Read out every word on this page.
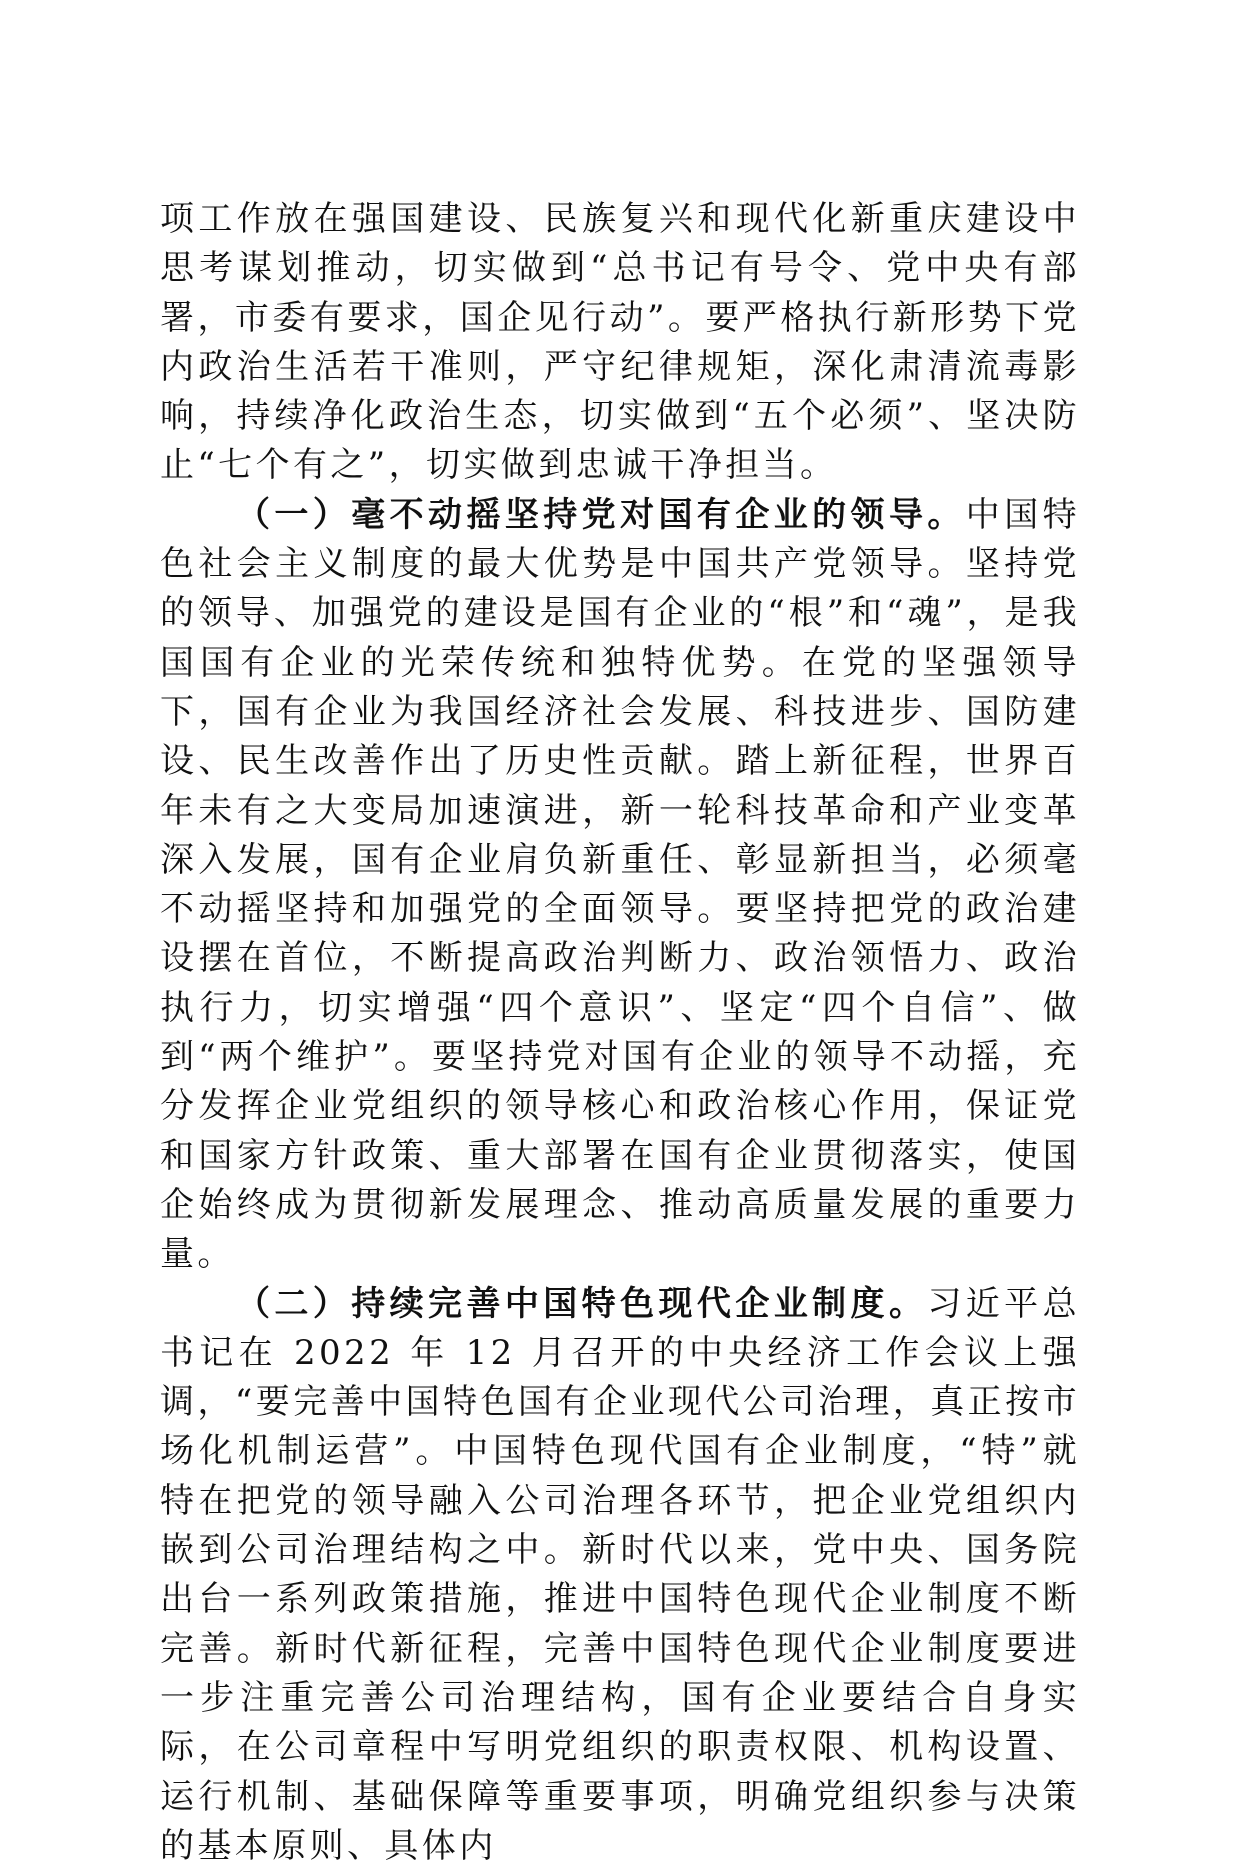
项工作放在强国建设、民族复兴和现代化新重庆建设中思考谋划推动，切实做到“总书记有号令、党中央有部署，市委有要求，国企见行动”。要严格执行新形势下党内政治生活若干准则，严守纪律规矩，深化肃清流毒影响，持续净化政治生态，切实做到“五个必须”、坚决防止“七个有之”，切实做到忠诚干净担当。

（一）毫不动摇坚持党对国有企业的领导。中国特色社会主义制度的最大优势是中国共产党领导。坚持党的领导、加强党的建设是国有企业的“根”和“魂”，是我国国有企业的光荣传统和独特优势。在党的坚强领导下，国有企业为我国经济社会发展、科技进步、国防建设、民生改善作出了历史性贡献。踏上新征程，世界百年未有之大变局加速演进，新一轮科技革命和产业变革深入发展，国有企业肩负新重任、彰显新担当，必须毫不动摇坚持和加强党的全面领导。要坚持把党的政治建设摆在首位，不断提高政治判断力、政治领悟力、政治执行力，切实增强“四个意识”、坚定“四个自信”、做到“两个维护”。要坚持党对国有企业的领导不动摇，充分发挥企业党组织的领导核心和政治核心作用，保证党和国家方针政策、重大部署在国有企业贯彻落实，使国企始终成为贯彻新发展理念、推动高质量发展的重要力量。

（二）持续完善中国特色现代企业制度。习近平总书记在 2022 年 12 月召开的中央经济工作会议上强调，“要完善中国特色国有企业现代公司治理，真正按市场化机制运营”。中国特色现代国有企业制度，“特”就特在把党的领导融入公司治理各环节，把企业党组织内嵌到公司治理结构之中。新时代以来，党中央、国务院出台一系列政策措施，推进中国特色现代企业制度不断完善。新时代新征程，完善中国特色现代企业制度要进一步注重完善公司治理结构，国有企业要结合自身实际，在公司章程中写明党组织的职责权限、机构设置、运行机制、基础保障等重要事项，明确党组织参与决策的基本原则、具体内
